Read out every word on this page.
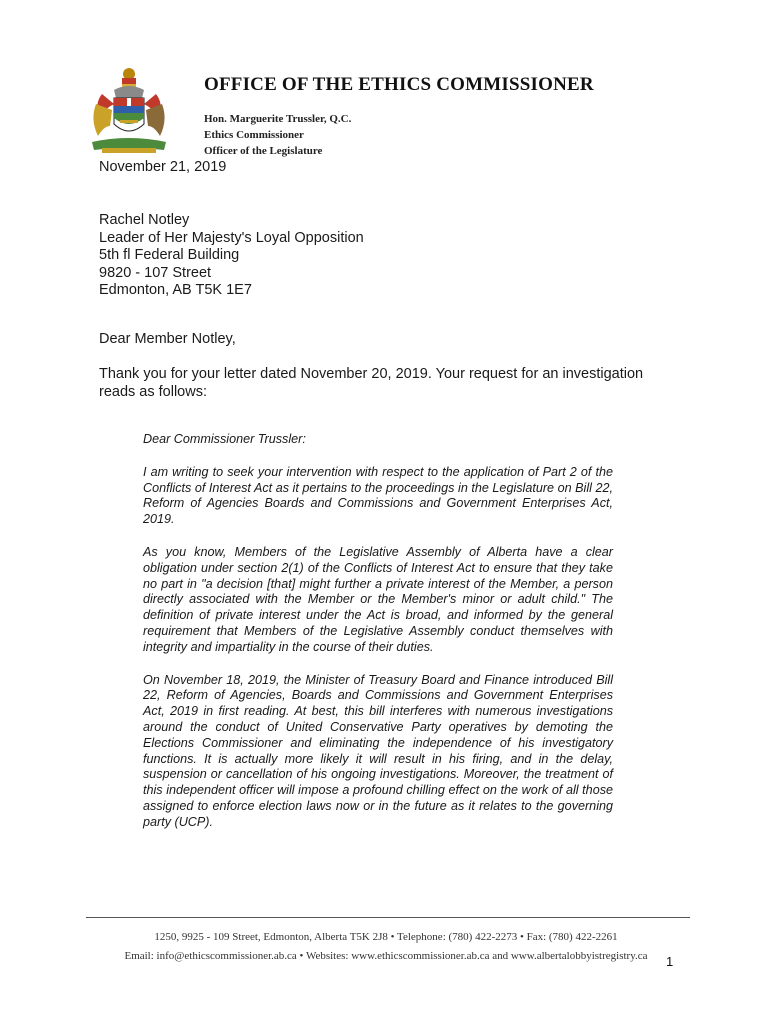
OFFICE OF THE ETHICS COMMISSIONER
Hon. Marguerite Trussler, Q.C.
Ethics Commissioner
Officer of the Legislature
November 21, 2019
Rachel Notley
Leader of Her Majesty's Loyal Opposition
5th fl Federal Building
9820 - 107 Street
Edmonton, AB T5K 1E7
Dear Member Notley,
Thank you for your letter dated November 20, 2019. Your request for an investigation reads as follows:

Dear Commissioner Trussler:

I am writing to seek your intervention with respect to the application of Part 2 of the Conflicts of Interest Act as it pertains to the proceedings in the Legislature on Bill 22, Reform of Agencies Boards and Commissions and Government Enterprises Act, 2019.

As you know, Members of the Legislative Assembly of Alberta have a clear obligation under section 2(1) of the Conflicts of Interest Act to ensure that they take no part in "a decision [that] might further a private interest of the Member, a person directly associated with the Member or the Member's minor or adult child." The definition of private interest under the Act is broad, and informed by the general requirement that Members of the Legislative Assembly conduct themselves with integrity and impartiality in the course of their duties.

On November 18, 2019, the Minister of Treasury Board and Finance introduced Bill 22, Reform of Agencies, Boards and Commissions and Government Enterprises Act, 2019 in first reading. At best, this bill interferes with numerous investigations around the conduct of United Conservative Party operatives by demoting the Elections Commissioner and eliminating the independence of his investigatory functions. It is actually more likely it will result in his firing, and in the delay, suspension or cancellation of his ongoing investigations. Moreover, the treatment of this independent officer will impose a profound chilling effect on the work of all those assigned to enforce election laws now or in the future as it relates to the governing party (UCP).

1250, 9925 - 109 Street, Edmonton, Alberta T5K 2J8 • Telephone: (780) 422-2273 • Fax: (780) 422-2261
Email: info@ethicscommissioner.ab.ca • Websites: www.ethicscommissioner.ab.ca and www.albertalobbyistregistry.ca	1
